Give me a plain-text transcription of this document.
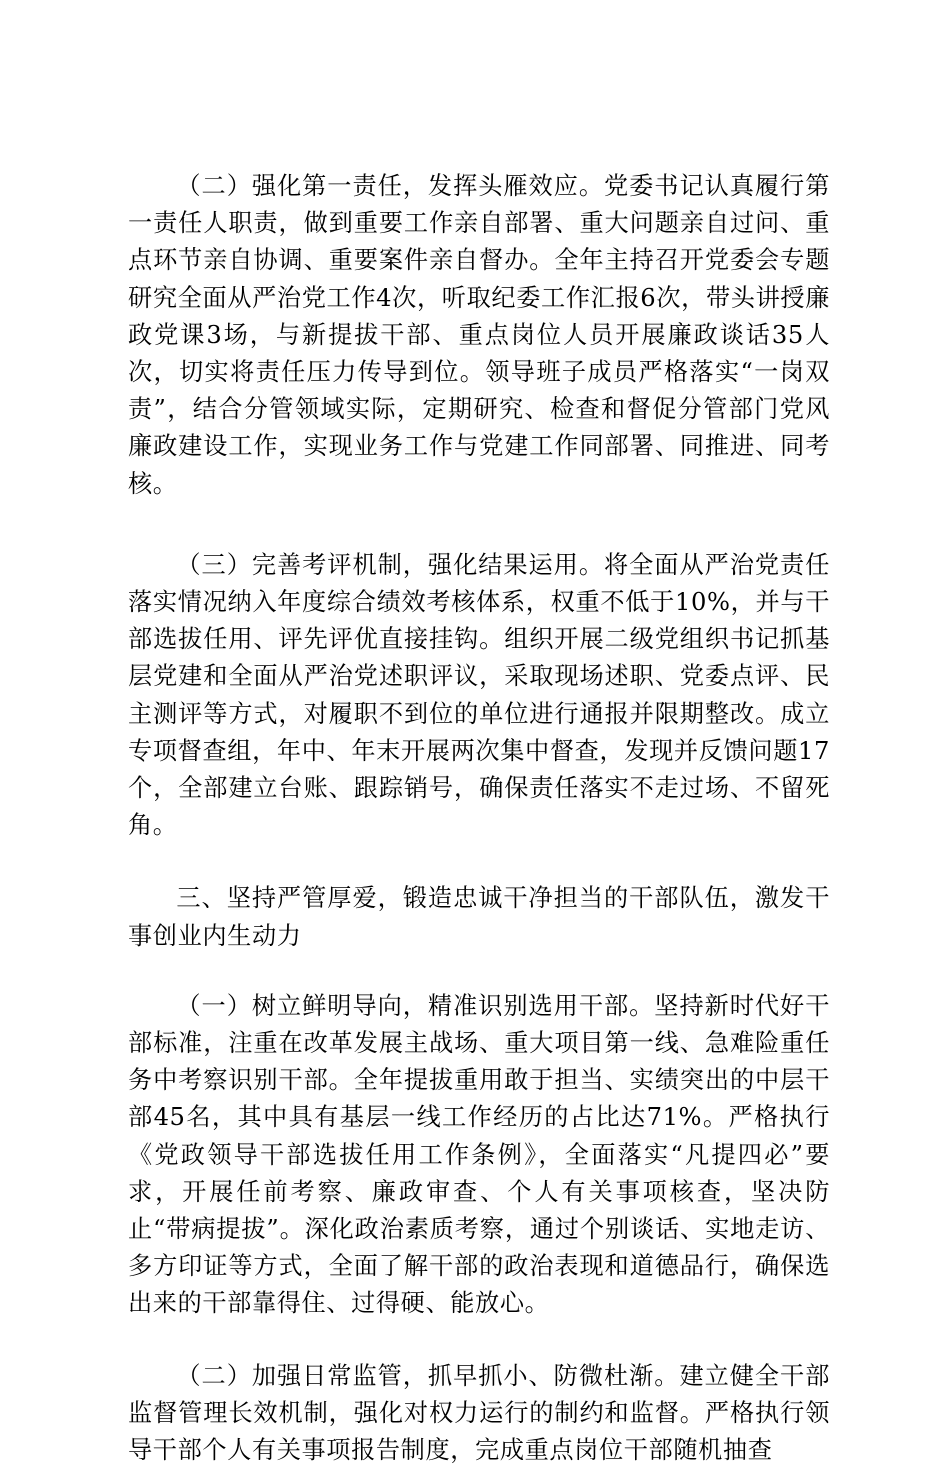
（二）强化第一责任，发挥头雁效应。党委书记认真履行第一责任人职责，做到重要工作亲自部署、重大问题亲自过问、重点环节亲自协调、重要案件亲自督办。全年主持召开党委会专题研究全面从严治党工作4次，听取纪委工作汇报6次，带头讲授廉政党课3场，与新提拔干部、重点岗位人员开展廉政谈话35人次，切实将责任压力传导到位。领导班子成员严格落实“一岗双责”，结合分管领域实际，定期研究、检查和督促分管部门党风廉政建设工作，实现业务工作与党建工作同部署、同推进、同考核。

（三）完善考评机制，强化结果运用。将全面从严治党责任落实情况纳入年度综合绩效考核体系，权重不低于10%，并与干部选拔任用、评先评优直接挂钩。组织开展二级党组织书记抓基层党建和全面从严治党述职评议，采取现场述职、党委点评、民主测评等方式，对履职不到位的单位进行通报并限期整改。成立专项督查组，年中、年末开展两次集中督查，发现并反馈问题17个，全部建立台账、跟踪销号，确保责任落实不走过场、不留死角。

三、坚持严管厚爱，锻造忠诚干净担当的干部队伍，激发干事创业内生动力

（一）树立鲜明导向，精准识别选用干部。坚持新时代好干部标准，注重在改革发展主战场、重大项目第一线、急难险重任务中考察识别干部。全年提拔重用敢于担当、实绩突出的中层干部45名，其中具有基层一线工作经历的占比达71%。严格执行《党政领导干部选拔任用工作条例》，全面落实“凡提四必”要求，开展任前考察、廉政审查、个人有关事项核查，坚决防止“带病提拔”。深化政治素质考察，通过个别谈话、实地走访、多方印证等方式，全面了解干部的政治表现和道德品行，确保选出来的干部靠得住、过得硬、能放心。

（二）加强日常监管，抓早抓小、防微杜渐。建立健全干部监督管理长效机制，强化对权力运行的制约和监督。严格执行领导干部个人有关事项报告制度，完成重点岗位干部随机抽查
